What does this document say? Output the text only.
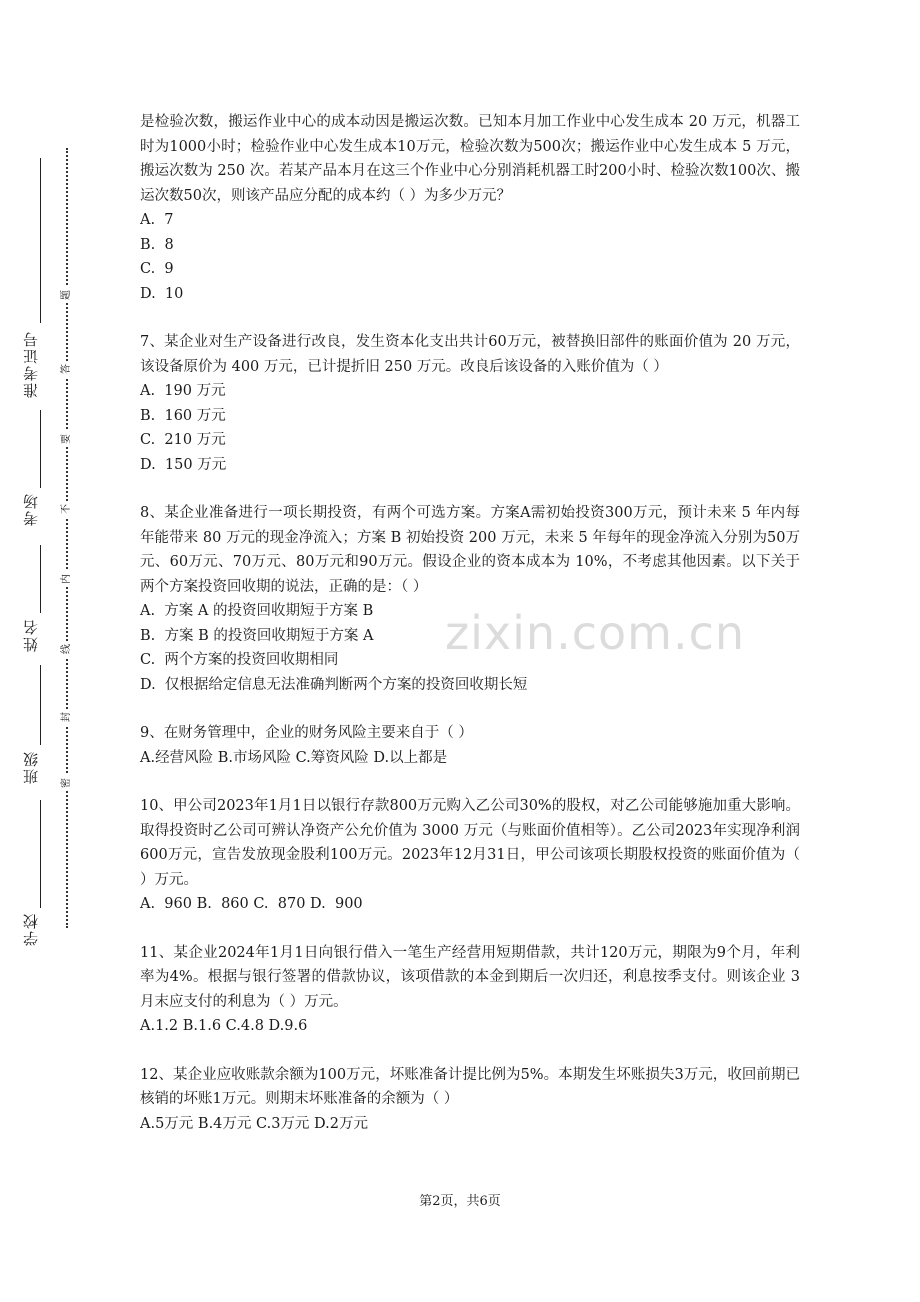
准考证号
考场
姓名
班级
学校
题
答
要
不
内
线
封
密
zixin.com.cn
是检验次数，搬运作业中心的成本动因是搬运次数。已知本月加工作业中心发生成本 20 万元，机器工时为1000小时；检验作业中心发生成本10万元，检验次数为500次；搬运作业中心发生成本 5 万元，搬运次数为 250 次。若某产品本月在这三个作业中心分别消耗机器工时200小时、检验次数100次、搬运次数50次，则该产品应分配的成本约（ ）为多少万元？
A.  7
B.  8
C.  9
D.  10
7、某企业对生产设备进行改良，发生资本化支出共计60万元，被替换旧部件的账面价值为 20 万元，该设备原价为 400 万元，已计提折旧 250 万元。改良后该设备的入账价值为（ ）
A.  190 万元
B.  160 万元
C.  210 万元
D.  150 万元
8、某企业准备进行一项长期投资，有两个可选方案。方案A需初始投资300万元，预计未来 5 年内每年能带来 80 万元的现金净流入；方案 B 初始投资 200 万元，未来 5 年每年的现金净流入分别为50万元、60万元、70万元、80万元和90万元。假设企业的资本成本为 10%，不考虑其他因素。以下关于两个方案投资回收期的说法，正确的是：（ ）
A.  方案 A 的投资回收期短于方案 B
B.  方案 B 的投资回收期短于方案 A
C.  两个方案的投资回收期相同
D.  仅根据给定信息无法准确判断两个方案的投资回收期长短
9、在财务管理中，企业的财务风险主要来自于（ ）
A.经营风险 B.市场风险 C.筹资风险 D.以上都是
10、甲公司2023年1月1日以银行存款800万元购入乙公司30%的股权，对乙公司能够施加重大影响。取得投资时乙公司可辨认净资产公允价值为 3000 万元（与账面价值相等）。乙公司2023年实现净利润600万元，宣告发放现金股利100万元。2023年12月31日，甲公司该项长期股权投资的账面价值为（ ）万元。
A.  960 B.  860 C.  870 D.  900
11、某企业2024年1月1日向银行借入一笔生产经营用短期借款，共计120万元，期限为9个月，年利率为4%。根据与银行签署的借款协议，该项借款的本金到期后一次归还，利息按季支付。则该企业 3 月末应支付的利息为（ ）万元。
A.1.2 B.1.6 C.4.8 D.9.6
12、某企业应收账款余额为100万元，坏账准备计提比例为5%。本期发生坏账损失3万元，收回前期已核销的坏账1万元。则期末坏账准备的余额为（ ）
A.5万元 B.4万元 C.3万元 D.2万元
第2页，共6页
